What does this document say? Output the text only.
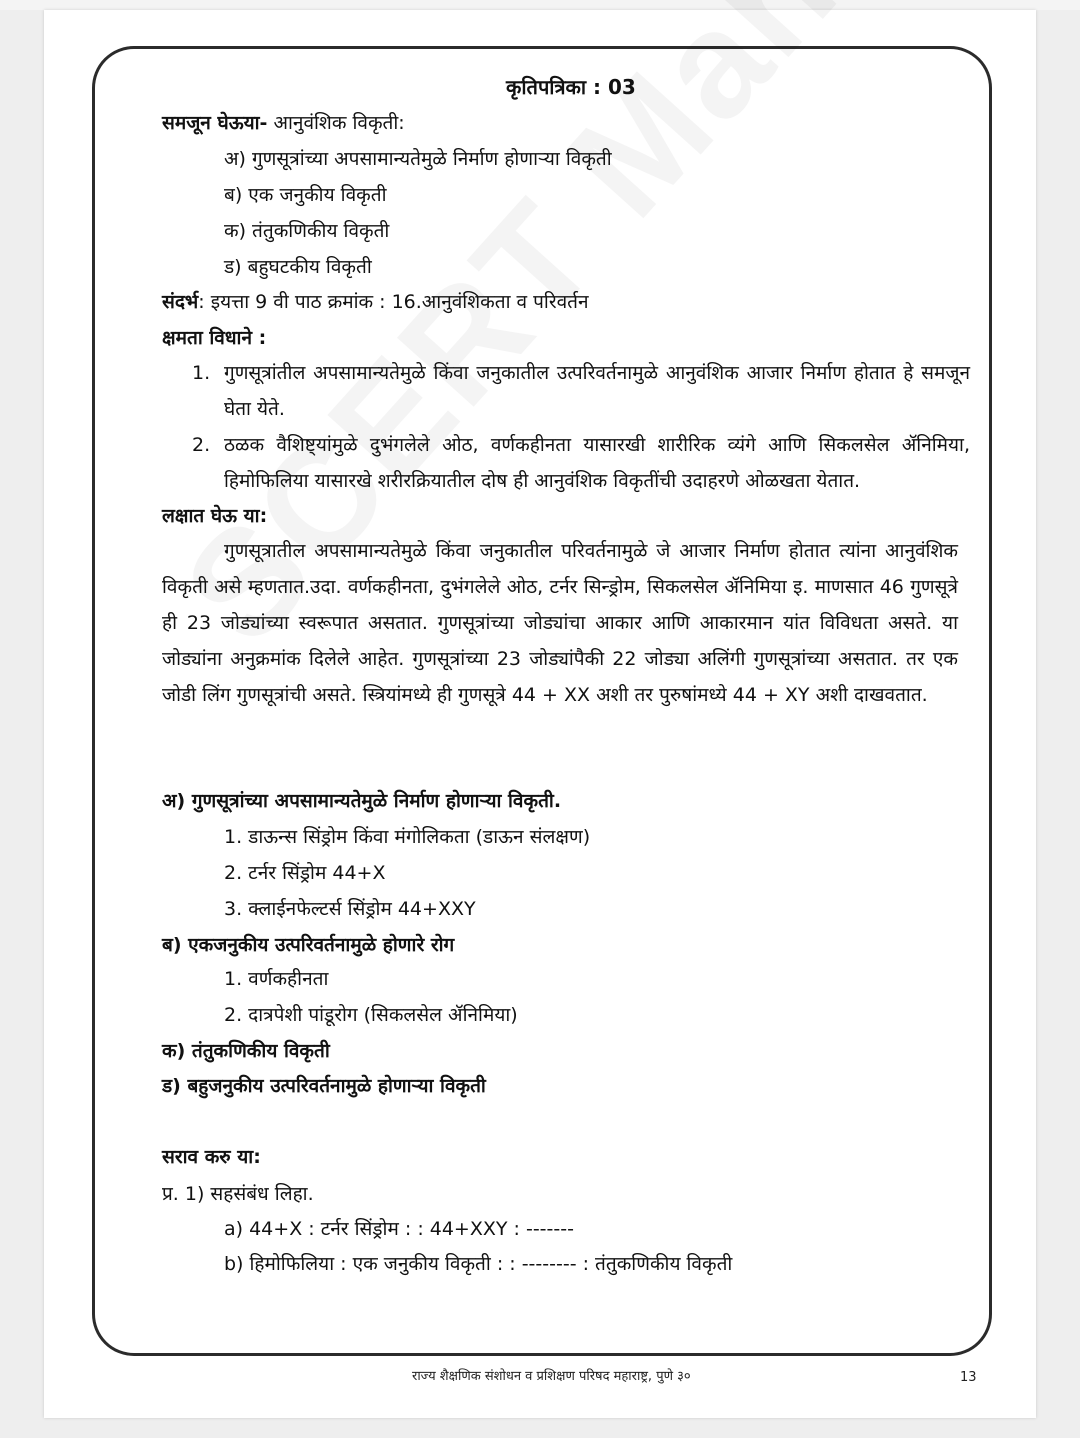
कृतिपत्रिका : 03
समजून घेऊया- आनुवंशिक विकृती:
अ) गुणसूत्रांच्या अपसामान्यतेमुळे निर्माण होणाऱ्या विकृती
ब) एक जनुकीय विकृती
क) तंतुकणिकीय विकृती
ड) बहुघटकीय विकृती
संदर्भ: इयत्ता 9 वी पाठ क्रमांक : 16.आनुवंशिकता व परिवर्तन
क्षमता विधाने :
1. गुणसूत्रांतील अपसामान्यतेमुळे किंवा जनुकातील उत्परिवर्तनामुळे आनुवंशिक आजार निर्माण होतात हे समजून घेता येते.
2. ठळक वैशिष्ट्यांमुळे दुभंगलेले ओठ, वर्णकहीनता यासारखी शारीरिक व्यंगे आणि सिकलसेल ॲनिमिया, हिमोफिलिया यासारखे शरीरक्रियातील दोष ही आनुवंशिक विकृतींची उदाहरणे ओळखता येतात.
लक्षात घेऊ या:
गुणसूत्रातील अपसामान्यतेमुळे किंवा जनुकातील परिवर्तनामुळे जे आजार निर्माण होतात त्यांना आनुवंशिक विकृती असे म्हणतात.उदा. वर्णकहीनता, दुभंगलेले ओठ, टर्नर सिन्ड्रोम, सिकलसेल ॲनिमिया इ. माणसात 46 गुणसूत्रे ही 23 जोड्यांच्या स्वरूपात असतात. गुणसूत्रांच्या जोड्यांचा आकार आणि आकारमान यांत विविधता असते. या जोड्यांना अनुक्रमांक दिलेले आहेत. गुणसूत्रांच्या 23 जोड्यांपैकी 22 जोड्या अलिंगी गुणसूत्रांच्या असतात. तर एक जोडी लिंग गुणसूत्रांची असते. स्त्रियांमध्ये ही गुणसूत्रे 44 + XX अशी तर पुरुषांमध्ये 44 + XY अशी दाखवतात.
अ) गुणसूत्रांच्या अपसामान्यतेमुळे निर्माण होणाऱ्या विकृती.
1. डाऊन्स सिंड्रोम किंवा मंगोलिकता (डाऊन संलक्षण)
2. टर्नर सिंड्रोम 44+X
3. क्लाईनफेल्टर्स सिंड्रोम 44+XXY
ब) एकजनुकीय उत्परिवर्तनामुळे होणारे रोग
1. वर्णकहीनता
2. दात्रपेशी पांडूरोग (सिकलसेल ॲनिमिया)
क) तंतुकणिकीय विकृती
ड) बहुजनुकीय उत्परिवर्तनामुळे होणाऱ्या विकृती
सराव करु या:
प्र. 1) सहसंबंध लिहा.
a) 44+X : टर्नर सिंड्रोम : : 44+XXY : -------
b) हिमोफिलिया : एक जनुकीय विकृती : : -------- : तंतुकणिकीय विकृती
राज्य शैक्षणिक संशोधन व प्रशिक्षण परिषद महाराष्ट्र, पुणे ३०	13
